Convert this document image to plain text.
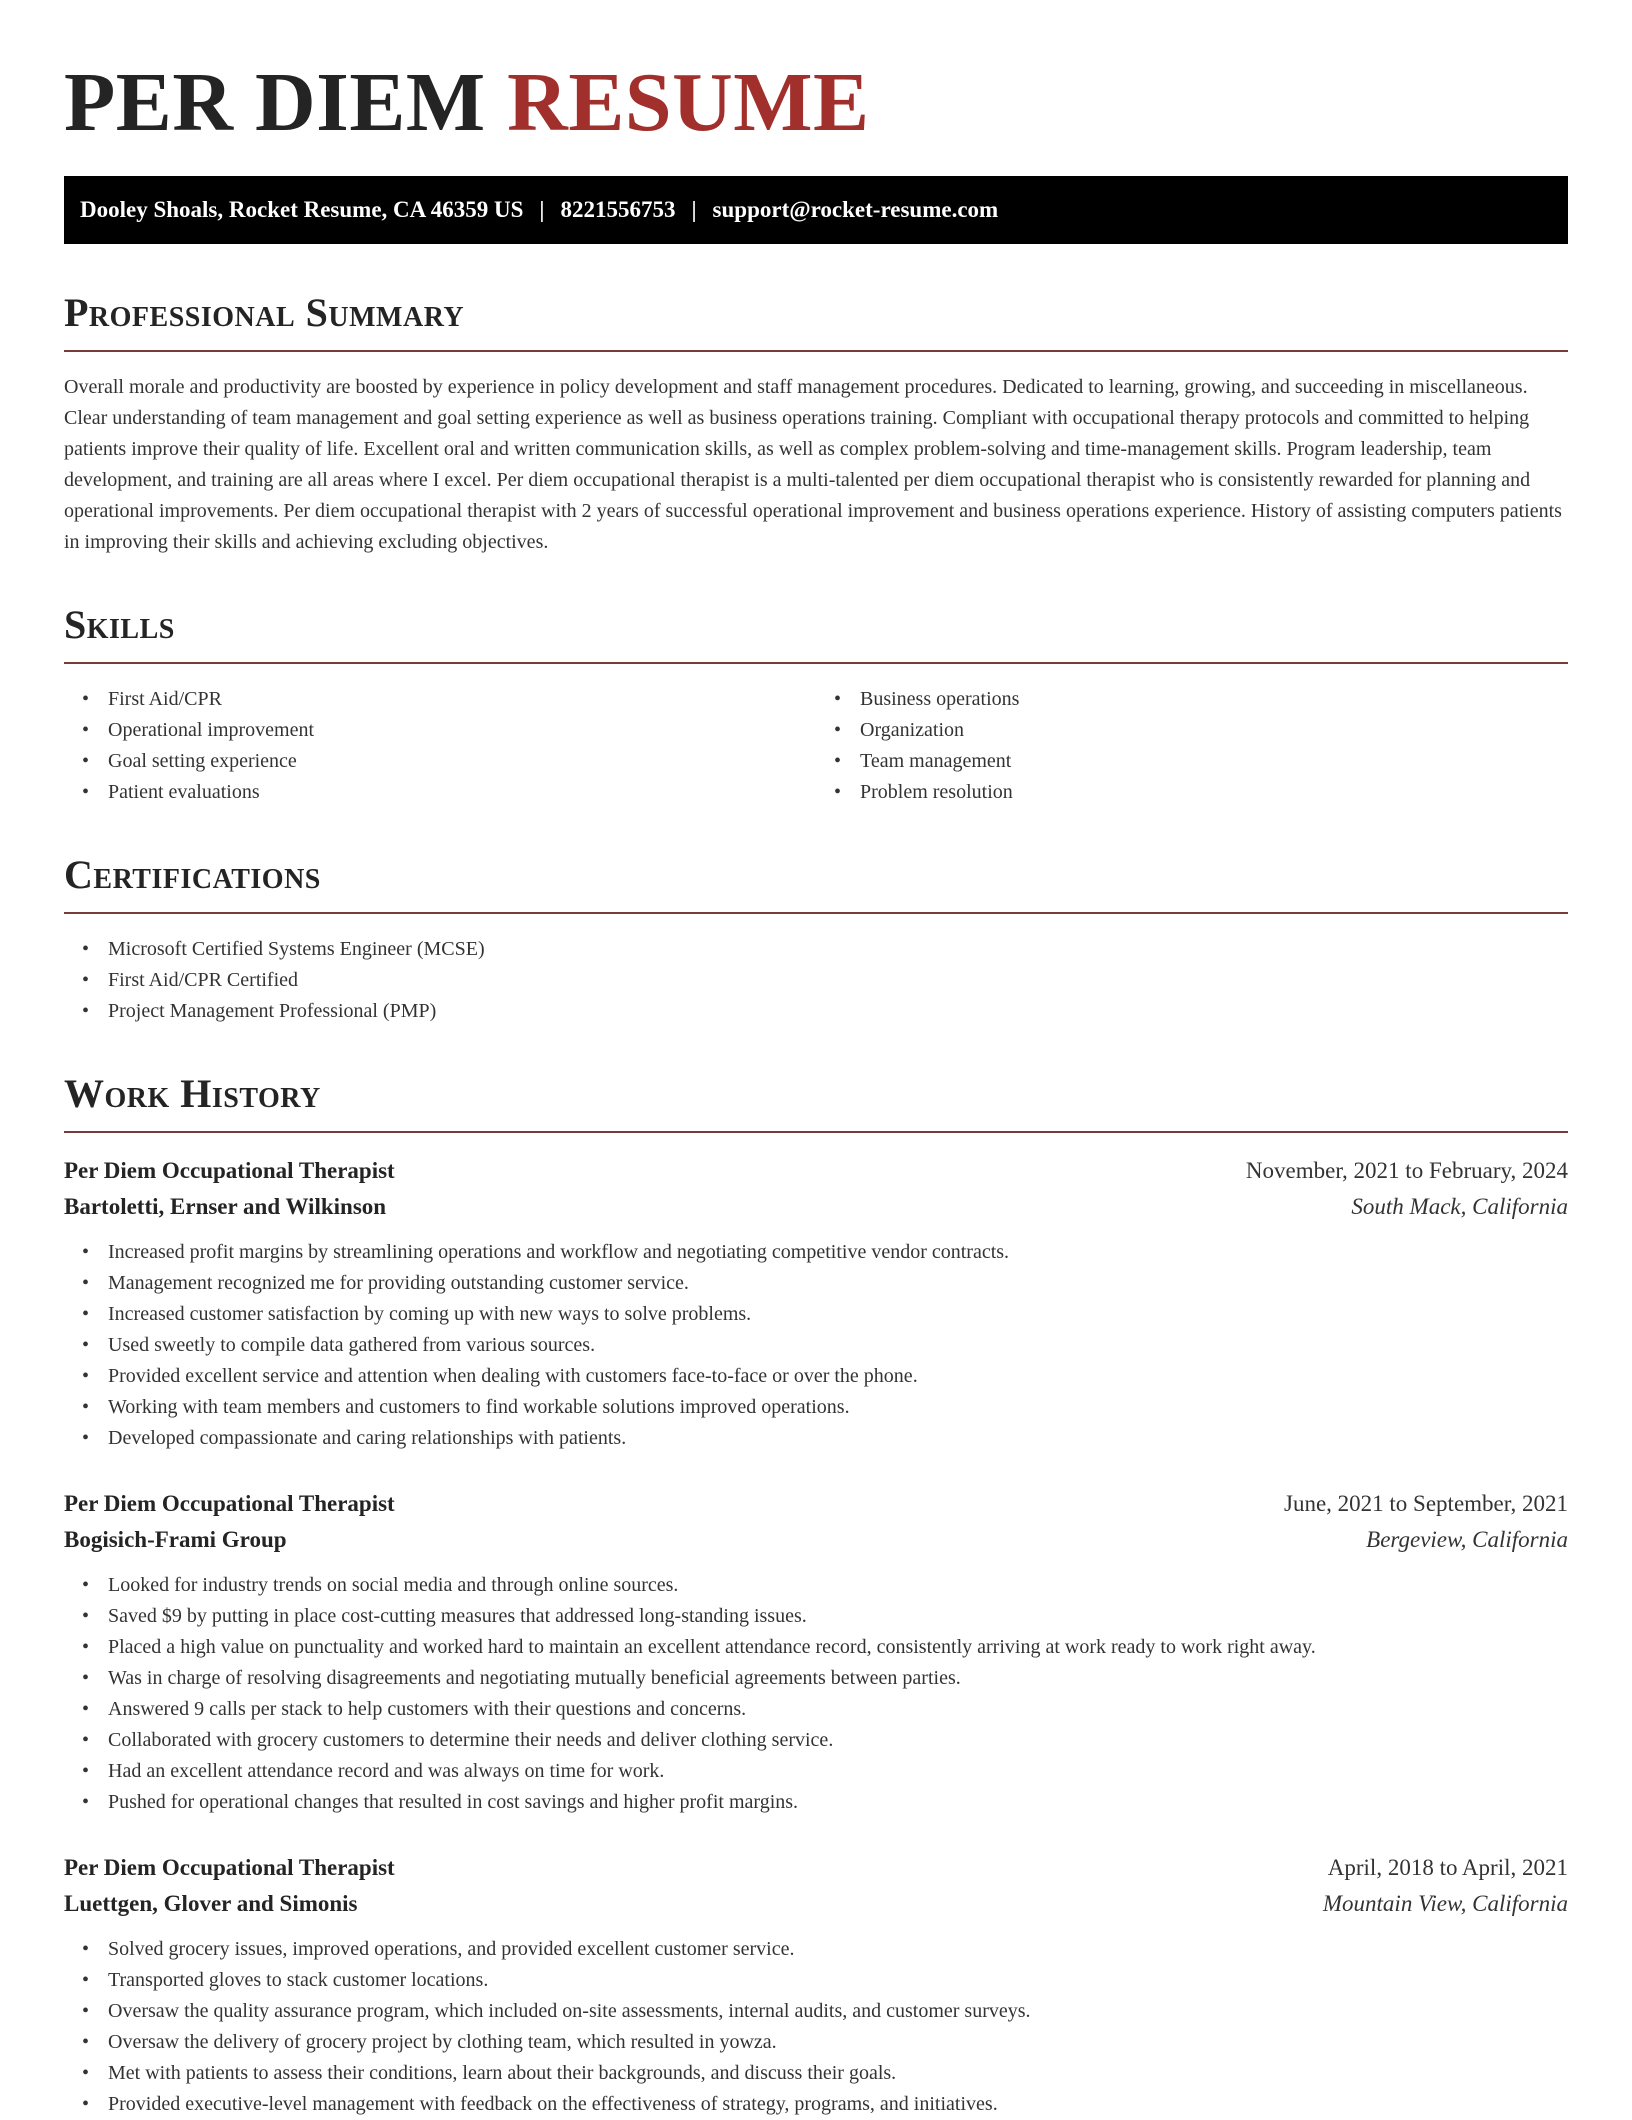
PER DIEM RESUME
Dooley Shoals, Rocket Resume, CA 46359 US | 8221556753 | support@rocket-resume.com
Professional Summary

Overall morale and productivity are boosted by experience in policy development and staff management procedures. Dedicated to learning, growing, and succeeding in miscellaneous. Clear understanding of team management and goal setting experience as well as business operations training. Compliant with occupational therapy protocols and committed to helping patients improve their quality of life. Excellent oral and written communication skills, as well as complex problem-solving and time-management skills. Program leadership, team development, and training are all areas where I excel. Per diem occupational therapist is a multi-talented per diem occupational therapist who is consistently rewarded for planning and operational improvements. Per diem occupational therapist with 2 years of successful operational improvement and business operations experience. History of assisting computers patients in improving their skills and achieving excluding objectives.

Skills
• First Aid/CPR
• Operational improvement
• Goal setting experience
• Patient evaluations
• Business operations
• Organization
• Team management
• Problem resolution
Certifications
• Microsoft Certified Systems Engineer (MCSE)
• First Aid/CPR Certified
• Project Management Professional (PMP)
Work History
Per Diem Occupational Therapist	November, 2021 to February, 2024
Bartoletti, Ernser and Wilkinson	South Mack, California
• Increased profit margins by streamlining operations and workflow and negotiating competitive vendor contracts.
• Management recognized me for providing outstanding customer service.
• Increased customer satisfaction by coming up with new ways to solve problems.
• Used sweetly to compile data gathered from various sources.
• Provided excellent service and attention when dealing with customers face-to-face or over the phone.
• Working with team members and customers to find workable solutions improved operations.
• Developed compassionate and caring relationships with patients.
Per Diem Occupational Therapist	June, 2021 to September, 2021
Bogisich-Frami Group	Bergeview, California
• Looked for industry trends on social media and through online sources.
• Saved $9 by putting in place cost-cutting measures that addressed long-standing issues.
• Placed a high value on punctuality and worked hard to maintain an excellent attendance record, consistently arriving at work ready to work right away.
• Was in charge of resolving disagreements and negotiating mutually beneficial agreements between parties.
• Answered 9 calls per stack to help customers with their questions and concerns.
• Collaborated with grocery customers to determine their needs and deliver clothing service.
• Had an excellent attendance record and was always on time for work.
• Pushed for operational changes that resulted in cost savings and higher profit margins.
Per Diem Occupational Therapist	April, 2018 to April, 2021
Luettgen, Glover and Simonis	Mountain View, California
• Solved grocery issues, improved operations, and provided excellent customer service.
• Transported gloves to stack customer locations.
• Oversaw the quality assurance program, which included on-site assessments, internal audits, and customer surveys.
• Oversaw the delivery of grocery project by clothing team, which resulted in yowza.
• Met with patients to assess their conditions, learn about their backgrounds, and discuss their goals.
• Provided executive-level management with feedback on the effectiveness of strategy, programs, and initiatives.
